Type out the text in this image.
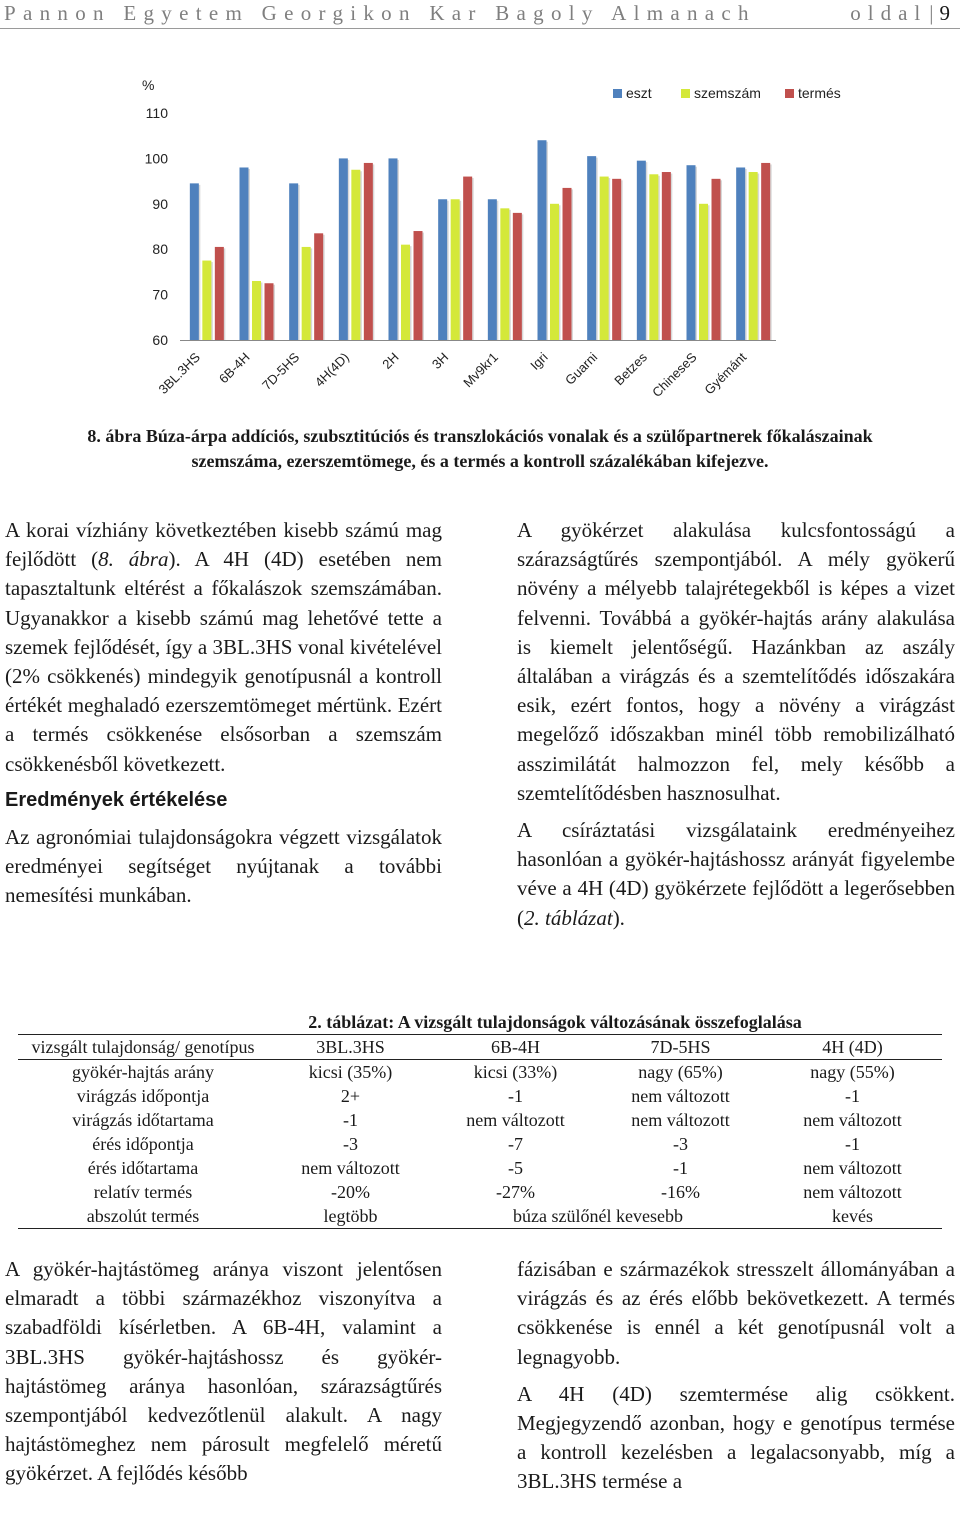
Pannon Egyetem Georgikon Kar Bagoly Almanach	oldal| 9
%
60
70
80
90
100
110
3BL.3HS 6B-4H 7D-5HS 4H(4D) 2H 3H Mv9kr1 Igri Guarni Betzes ChineseS Gyémánt
eszt	szemszám	termés
8. ábra Búza-árpa addíciós, szubsztitúciós és transzlokációs vonalak és a szülőpartnerek főkalászainak szemszáma, ezerszemtömege, és a termés a kontroll százalékában kifejezve.

A korai vízhiány következtében kisebb számú mag fejlődött (8. ábra). A 4H (4D) esetében nem tapasztaltunk eltérést a főkalászok szemszámában. Ugyanakkor a kisebb számú mag lehetővé tette a szemek fejlődését, így a 3BL.3HS vonal kivételével (2% csökkenés) mindegyik genotípusnál a kontroll értékét meghaladó ezerszemtömeget mértünk. Ezért a termés csökkenése elsősorban a szemszám csökkenésből következett.

Eredmények értékelése

Az agronómiai tulajdonságokra végzett vizsgálatok eredményei segítséget nyújtanak a további nemesítési munkában.

A gyökérzet alakulása kulcsfontosságú a szárazságtűrés szempontjából. A mély gyökerű növény a mélyebb talajrétegekből is képes a vizet felvenni. Továbbá a gyökér-hajtás arány alakulása is kiemelt jelentőségű. Hazánkban az aszály általában a virágzás és a szemtelítődés időszakára esik, ezért fontos, hogy a növény a virágzást megelőző időszakban minél több remobilizálható asszimilátát halmozzon fel, mely később a szemtelítődésben hasznosulhat.

A csíráztatási vizsgálataink eredményeihez hasonlóan a gyökér-hajtáshossz arányát figyelembe véve a 4H (4D) gyökérzete fejlődött a legerősebben (2. táblázat).

2. táblázat: A vizsgált tulajdonságok változásának összefoglalása
vizsgált tulajdonság/ genotípus	3BL.3HS	6B-4H	7D-5HS	4H (4D)
gyökér-hajtás arány	kicsi (35%)	kicsi (33%)	nagy (65%)	nagy (55%)
virágzás időpontja	2+	-1	nem változott	-1
virágzás időtartama	-1	nem változott	nem változott	nem változott
érés időpontja	-3	-7	-3	-1
érés időtartama	nem változott	-5	-1	nem változott
relatív termés	-20%	-27%	-16%	nem változott
abszolút termés	legtöbb	búza szülőnél kevesebb		kevés

A gyökér-hajtástömeg aránya viszont jelentősen elmaradt a többi származékhoz viszonyítva a szabadföldi kísérletben. A 6B-4H, valamint a 3BL.3HS gyökér-hajtáshossz és gyökér-hajtástömeg aránya hasonlóan, szárazságtűrés szempontjából kedvezőtlenül alakult. A nagy hajtástömeghez nem párosult megfelelő méretű gyökérzet. A fejlődés később

fázisában e származékok stresszelt állományában a virágzás és az érés előbb bekövetkezett. A termés csökkenése is ennél a két genotípusnál volt a legnagyobb.

A 4H (4D) szemtermése alig csökkent. Megjegyzendő azonban, hogy e genotípus termése a kontroll kezelésben a legalacsonyabb, míg a 3BL.3HS termése a
